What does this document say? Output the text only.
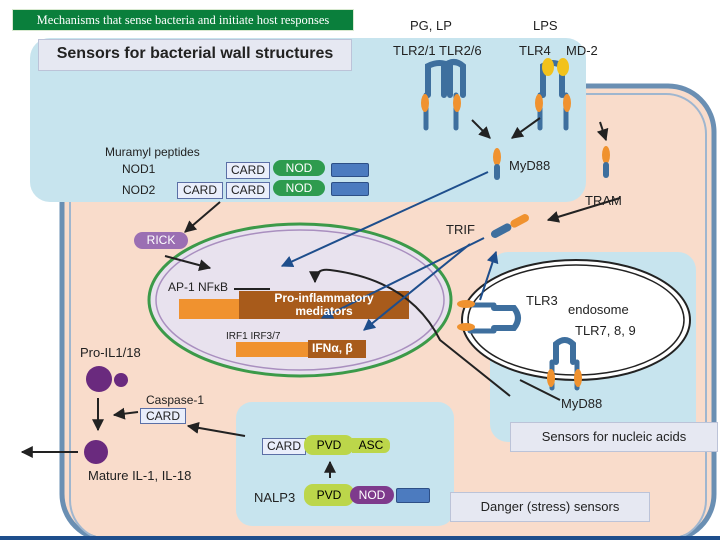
Mechanisms that sense bacteria and initiate host responses
Sensors for bacterial wall structures
Sensors for nucleic acids
Danger (stress) sensors
PG, LP	LPS
TLR2/1 TLR2/6	TLR4 MD-2
MyD88
TRAM
TRIF
Muramyl peptides
NOD1
NOD2
CARD	NOD
CARD	CARD	NOD
RICK
AP-1 NFκB
Pro-inflammatory
mediators
IRF1 IRF3/7
IFNα, β
TLR3
endosome
TLR7, 8, 9
MyD88
Pro-IL1/18
Caspase-1
CARD
Mature IL-1, IL-18
CARD	PVD	ASC
NALP3	PVD	NOD
